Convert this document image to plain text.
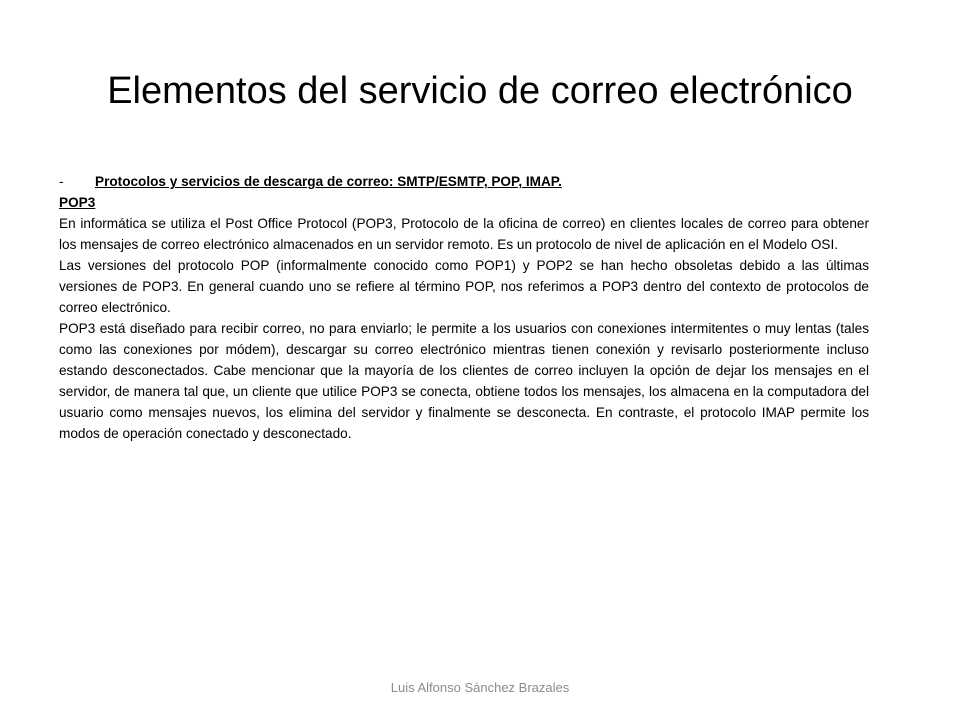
Elementos del servicio de correo electrónico
-	Protocolos y servicios de descarga de correo: SMTP/ESMTP, POP, IMAP.
POP3

En informática se utiliza el Post Office Protocol (POP3, Protocolo de la oficina de correo) en clientes locales de correo para obtener los mensajes de correo electrónico almacenados en un servidor remoto. Es un protocolo de nivel de aplicación en el Modelo OSI.

Las versiones del protocolo POP (informalmente conocido como POP1) y POP2 se han hecho obsoletas debido a las últimas versiones de POP3. En general cuando uno se refiere al término POP, nos referimos a POP3 dentro del contexto de protocolos de correo electrónico.

POP3 está diseñado para recibir correo, no para enviarlo; le permite a los usuarios con conexiones intermitentes o muy lentas (tales como las conexiones por módem), descargar su correo electrónico mientras tienen conexión y revisarlo posteriormente incluso estando desconectados. Cabe mencionar que la mayoría de los clientes de correo incluyen la opción de dejar los mensajes en el servidor, de manera tal que, un cliente que utilice POP3 se conecta, obtiene todos los mensajes, los almacena en la computadora del usuario como mensajes nuevos, los elimina del servidor y finalmente se desconecta. En contraste, el protocolo IMAP permite los modos de operación conectado y desconectado.

Luis Alfonso Sánchez Brazales
